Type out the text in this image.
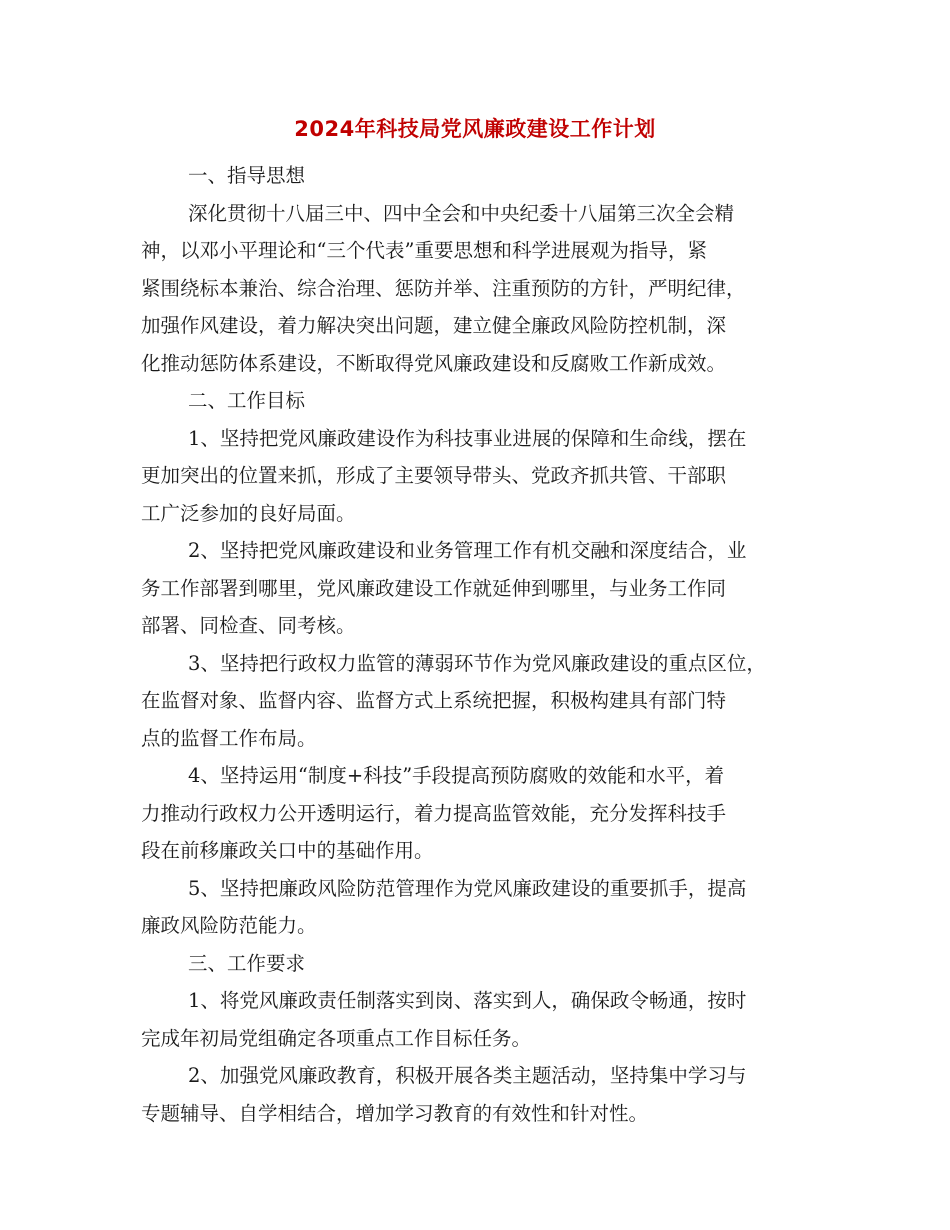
2024年科技局党风廉政建设工作计划
一、指导思想
深化贯彻十八届三中、四中全会和中央纪委十八届第三次全会精
神，以邓小平理论和“三个代表”重要思想和科学进展观为指导，紧
紧围绕标本兼治、综合治理、惩防并举、注重预防的方针，严明纪律，
加强作风建设，着力解决突出问题，建立健全廉政风险防控机制，深
化推动惩防体系建设，不断取得党风廉政建设和反腐败工作新成效。
二、工作目标
1、坚持把党风廉政建设作为科技事业进展的保障和生命线，摆在
更加突出的位置来抓，形成了主要领导带头、党政齐抓共管、干部职
工广泛参加的良好局面。
2、坚持把党风廉政建设和业务管理工作有机交融和深度结合，业
务工作部署到哪里，党风廉政建设工作就延伸到哪里，与业务工作同
部署、同检查、同考核。
3、坚持把行政权力监管的薄弱环节作为党风廉政建设的重点区位，
在监督对象、监督内容、监督方式上系统把握，积极构建具有部门特
点的监督工作布局。
4、坚持运用“制度+科技”手段提高预防腐败的效能和水平，着
力推动行政权力公开透明运行，着力提高监管效能，充分发挥科技手
段在前移廉政关口中的基础作用。
5、坚持把廉政风险防范管理作为党风廉政建设的重要抓手，提高
廉政风险防范能力。
三、工作要求
1、将党风廉政责任制落实到岗、落实到人，确保政令畅通，按时
完成年初局党组确定各项重点工作目标任务。
2、加强党风廉政教育，积极开展各类主题活动，坚持集中学习与
专题辅导、自学相结合，增加学习教育的有效性和针对性。
